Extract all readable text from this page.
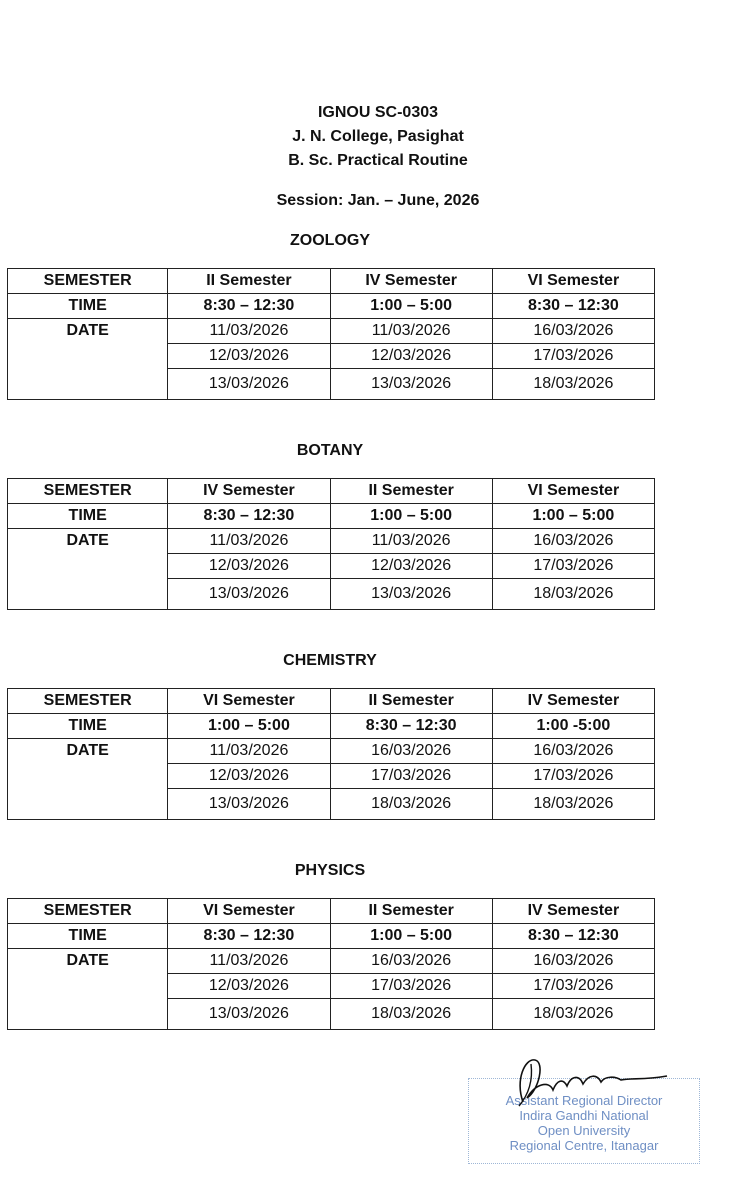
IGNOU SC-0303
J. N. College, Pasighat
B. Sc. Practical Routine
Session: Jan. – June, 2026
ZOOLOGY
SEMESTER	II Semester	IV Semester	VI Semester
TIME	8:30 – 12:30	1:00 – 5:00	8:30 – 12:30
DATE	11/03/2026	11/03/2026	16/03/2026
	12/03/2026	12/03/2026	17/03/2026
	13/03/2026	13/03/2026	18/03/2026
BOTANY
SEMESTER	IV Semester	II Semester	VI Semester
TIME	8:30 – 12:30	1:00 – 5:00	1:00 – 5:00
DATE	11/03/2026	11/03/2026	16/03/2026
	12/03/2026	12/03/2026	17/03/2026
	13/03/2026	13/03/2026	18/03/2026
CHEMISTRY
SEMESTER	VI Semester	II Semester	IV Semester
TIME	1:00 – 5:00	8:30 – 12:30	1:00 -5:00
DATE	11/03/2026	16/03/2026	16/03/2026
	12/03/2026	17/03/2026	17/03/2026
	13/03/2026	18/03/2026	18/03/2026
PHYSICS
SEMESTER	VI Semester	II Semester	IV Semester
TIME	8:30 – 12:30	1:00 – 5:00	8:30 – 12:30
DATE	11/03/2026	16/03/2026	16/03/2026
	12/03/2026	17/03/2026	17/03/2026
	13/03/2026	18/03/2026	18/03/2026
Assistant Regional Director
Indira Gandhi National
Open University
Regional Centre, Itanagar
